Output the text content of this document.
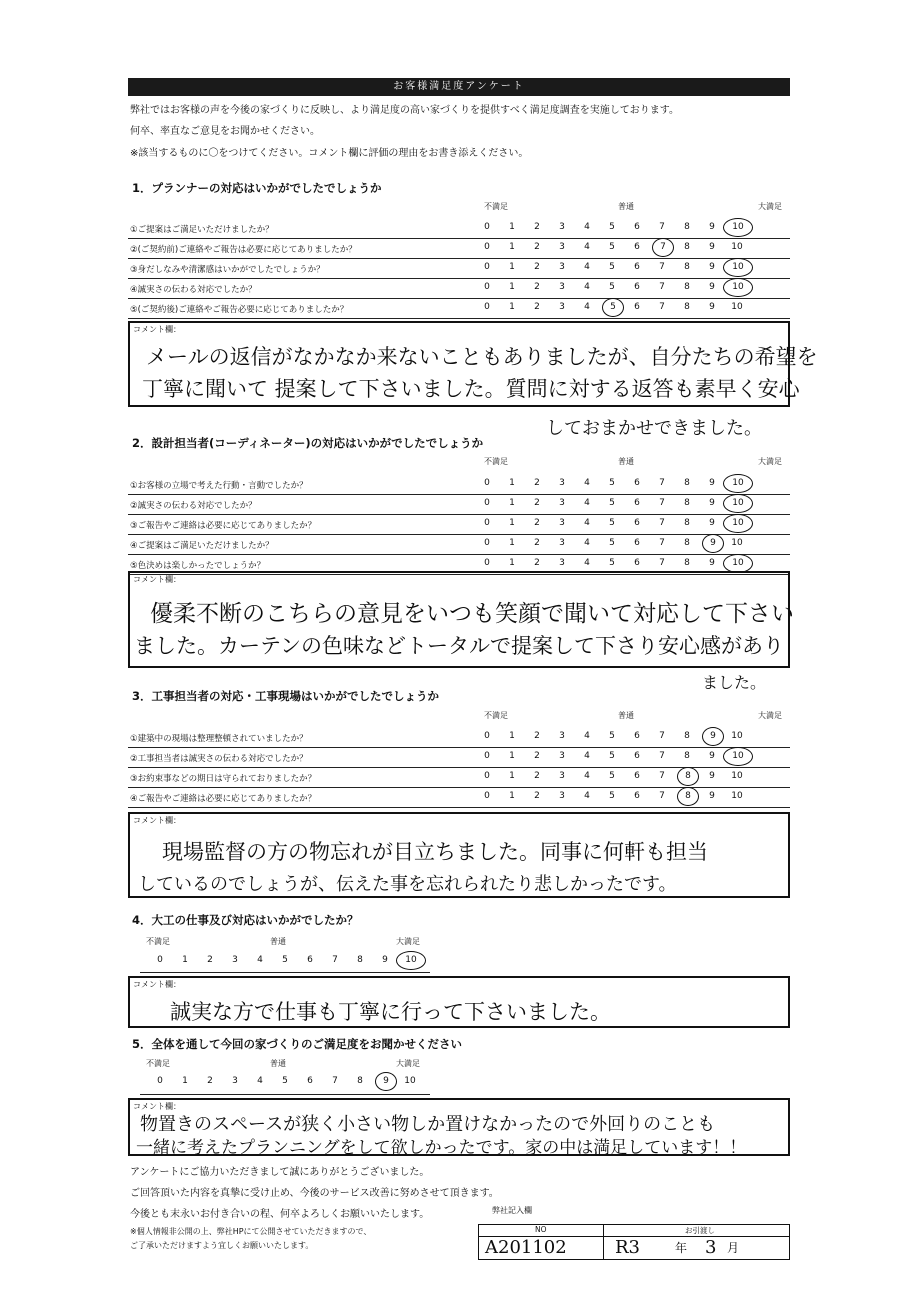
お客様満足度アンケート
弊社ではお客様の声を今後の家づくりに反映し、より満足度の高い家づくりを提供すべく満足度調査を実施しております。
何卒、率直なご意見をお聞かせください。
※該当するものに〇をつけてください。コメント欄に評価の理由をお書き添えください。
1．プランナーの対応はいかがでしたでしょうか
不満足	普通	大満足
①ご提案はご満足いただけましたか？	0	1	2	3	4	5	6	7	8	9	10
②(ご契約前)ご連絡やご報告は必要に応じてありましたか？	0	1	2	3	4	5	6	7	8	9	10
③身だしなみや清潔感はいかがでしたでしょうか？	0	1	2	3	4	5	6	7	8	9	10
④誠実さの伝わる対応でしたか？	0	1	2	3	4	5	6	7	8	9	10
⑤(ご契約後)ご連絡やご報告必要に応じてありましたか？	0	1	2	3	4	5	6	7	8	9	10
コメント欄：
メールの返信がなかなか来ないこともありましたが、自分たちの希望を
丁寧に聞いて 提案して下さいました。質問に対する返答も素早く安心
しておまかせできました。
2．設計担当者(コーディネーター)の対応はいかがでしたでしょうか
不満足	普通	大満足
①お客様の立場で考えた行動・言動でしたか？	0	1	2	3	4	5	6	7	8	9	10
②誠実さの伝わる対応でしたか？	0	1	2	3	4	5	6	7	8	9	10
③ご報告やご連絡は必要に応じてありましたか？	0	1	2	3	4	5	6	7	8	9	10
④ご提案はご満足いただけましたか？	0	1	2	3	4	5	6	7	8	9	10
⑤色決めは楽しかったでしょうか？	0	1	2	3	4	5	6	7	8	9	10
コメント欄：
優柔不断のこちらの意見をいつも笑顔で聞いて対応して下さい
ました。カーテンの色味などトータルで提案して下さり安心感があり
ました。
3．工事担当者の対応・工事現場はいかがでしたでしょうか
不満足	普通	大満足
①建築中の現場は整理整頓されていましたか？	0	1	2	3	4	5	6	7	8	9	10
②工事担当者は誠実さの伝わる対応でしたか？	0	1	2	3	4	5	6	7	8	9	10
③お約束事などの期日は守られておりましたか？	0	1	2	3	4	5	6	7	8	9	10
④ご報告やご連絡は必要に応じてありましたか？	0	1	2	3	4	5	6	7	8	9	10
コメント欄：
現場監督の方の物忘れが目立ちました。同事に何軒も担当
しているのでしょうが、伝えた事を忘れられたり悲しかったです。
4．大工の仕事及び対応はいかがでしたか？
不満足	普通	大満足
0	1	2	3	4	5	6	7	8	9	10
コメント欄：
誠実な方で仕事も丁寧に行って下さいました。
5．全体を通して今回の家づくりのご満足度をお聞かせください
不満足	普通	大満足
0	1	2	3	4	5	6	7	8	9	10
コメント欄：
物置きのスペースが狭く小さい物しか置けなかったので外回りのことも
一緒に考えたプランニングをして欲しかったです。家の中は満足しています！！
アンケートにご協力いただきまして誠にありがとうございました。
ご回答頂いた内容を真摯に受け止め、今後のサービス改善に努めさせて頂きます。
今後とも末永いお付き合いの程、何卒よろしくお願いいたします。
※個人情報非公開の上、弊社HPにて公開させていただきますので、
ご了承いただけますよう宜しくお願いいたします。
弊社記入欄
NO	お引渡し
A201102	R3	年 3 月
